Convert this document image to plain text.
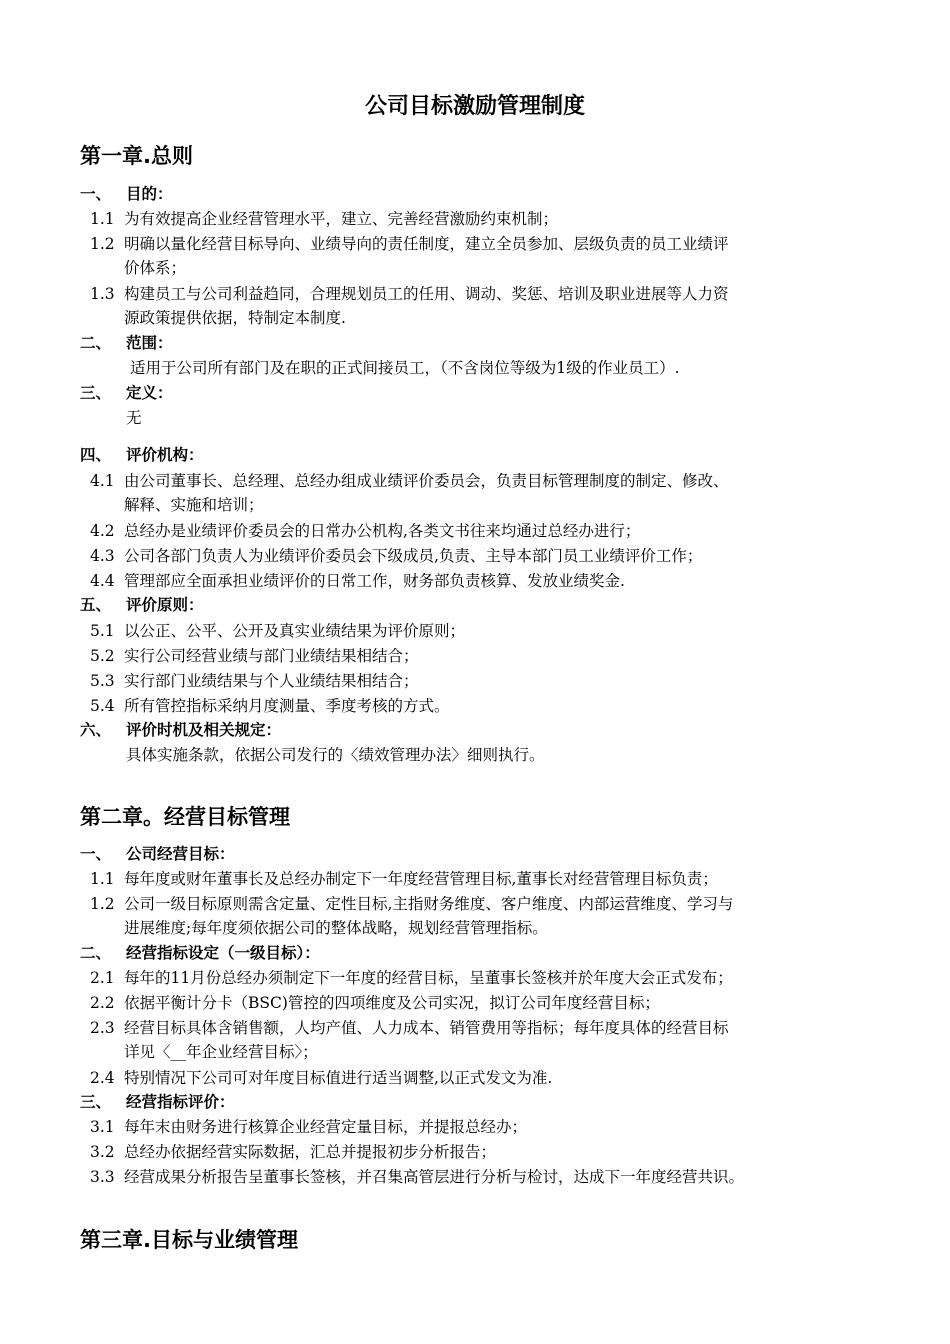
公司目标激励管理制度
第一章.总则
一、 目的：
1.1 为有效提高企业经营管理水平，建立、完善经营激励约束机制；
1.2 明确以量化经营目标导向、业绩导向的责任制度，建立全员参加、层级负责的员工业绩评
价体系；
1.3 构建员工与公司利益趋同，合理规划员工的任用、调动、奖惩、培训及职业进展等人力资
源政策提供依据，特制定本制度.
二、 范围：
适用于公司所有部门及在职的正式间接员工，（不含岗位等级为1级的作业员工）.
三、 定义：
无
四、 评价机构：
4.1 由公司董事长、总经理、总经办组成业绩评价委员会，负责目标管理制度的制定、修改、
解释、实施和培训；
4.2 总经办是业绩评价委员会的日常办公机构,各类文书往来均通过总经办进行；
4.3 公司各部门负责人为业绩评价委员会下级成员,负责、主导本部门员工业绩评价工作；
4.4 管理部应全面承担业绩评价的日常工作，财务部负责核算、发放业绩奖金.
五、 评价原则：
5.1 以公正、公平、公开及真实业绩结果为评价原则；
5.2 实行公司经营业绩与部门业绩结果相结合；
5.3 实行部门业绩结果与个人业绩结果相结合；
5.4 所有管控指标采纳月度测量、季度考核的方式。
六、 评价时机及相关规定：
具体实施条款，依据公司发行的〈绩效管理办法〉细则执行。
第二章。经营目标管理
一、 公司经营目标：
1.1 每年度或财年董事长及总经办制定下一年度经营管理目标,董事长对经营管理目标负责；
1.2 公司一级目标原则需含定量、定性目标,主指财务维度、客户维度、内部运营维度、学习与
进展维度;每年度须依据公司的整体战略，规划经营管理指标。
二、 经营指标设定（一级目标）：
2.1 每年的11月份总经办须制定下一年度的经营目标，呈董事长签核并於年度大会正式发布；
2.2 依据平衡计分卡（BSC)管控的四项维度及公司实况，拟订公司年度经营目标；
2.3 经营目标具体含销售额，人均产值、人力成本、销管费用等指标；每年度具体的经营目标
详见〈__年企业经营目标〉；
2.4 特别情况下公司可对年度目标值进行适当调整,以正式发文为准.
三、 经营指标评价：
3.1 每年末由财务进行核算企业经营定量目标，并提报总经办；
3.2 总经办依据经营实际数据，汇总并提报初步分析报告；
3.3 经营成果分析报告呈董事长签核，并召集高管层进行分析与检讨，达成下一年度经营共识。
第三章.目标与业绩管理
